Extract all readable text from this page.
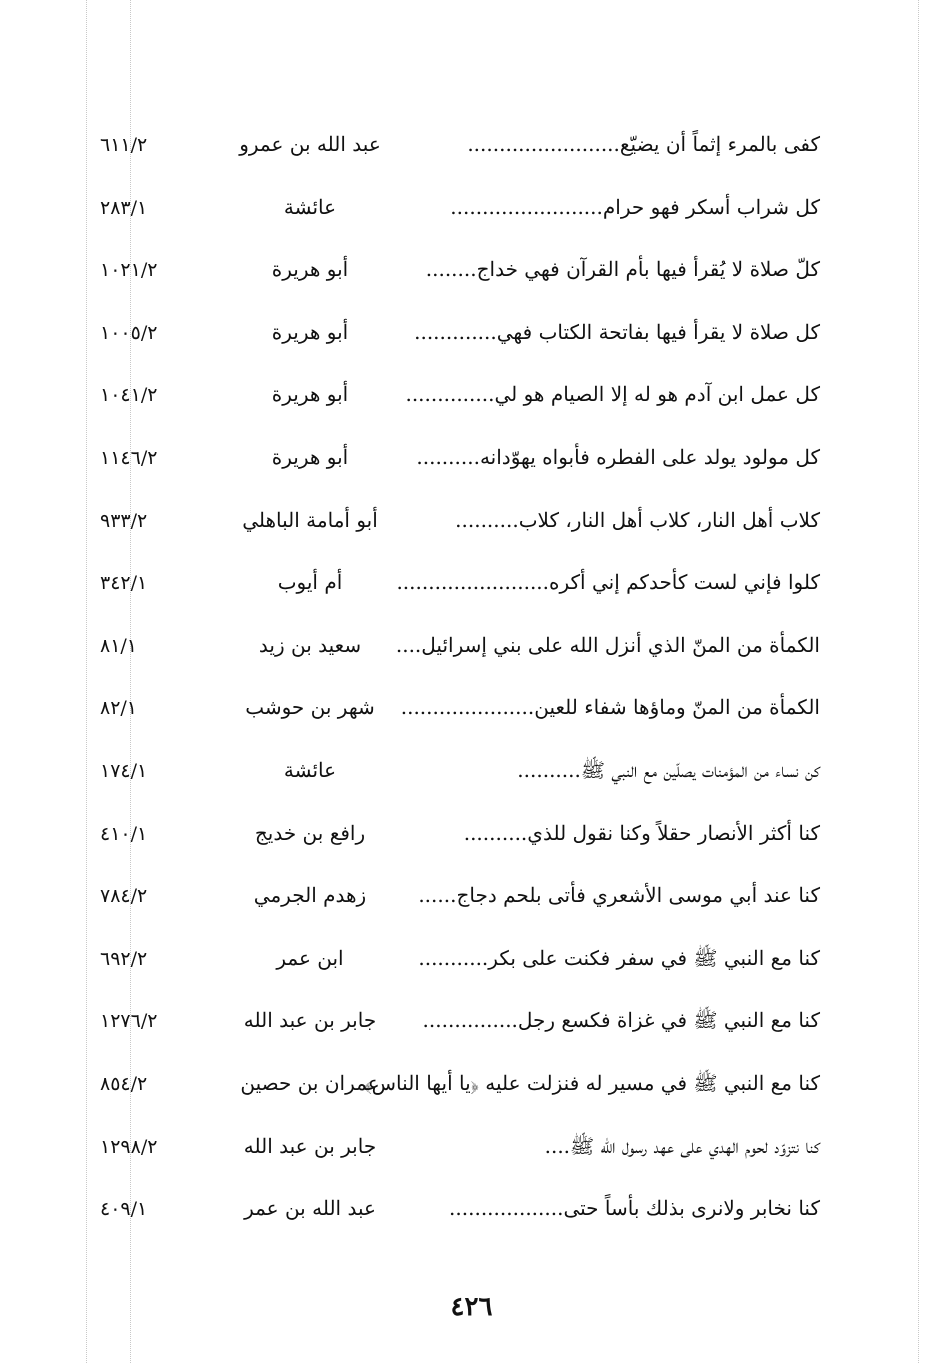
كفى بالمرء إثماً أن يضيّع........................
عبد الله بن عمرو
٦١١/٢
كل شراب أسكر فهو حرام........................
عائشة
٢٨٣/١
كلّ صلاة لا يُقرأ فيها بأم القرآن فهي خداج........
أبو هريرة
١٠٢١/٢
كل صلاة لا يقرأ فيها بفاتحة الكتاب فهي.............
أبو هريرة
١٠٠٥/٢
كل عمل ابن آدم هو له إلا الصيام هو لي..............
أبو هريرة
١٠٤١/٢
كل مولود يولد على الفطره فأبواه يهوّدانه..........
أبو هريرة
١١٤٦/٢
كلاب أهل النار، كلاب أهل النار، كلاب..........
أبو أمامة الباهلي
٩٣٣/٢
كلوا فإني لست كأحدكم إني أكره........................
أم أيوب
٣٤٢/١
الكمأة من المنّ الذي أنزل الله على بني إسرائيل....
سعيد بن زيد
٨١/١
الكمأة من المنّ وماؤها شفاء للعين.....................
شهر بن حوشب
٨٢/١
كن نساء من المؤمنات يصلّين مع النبي ﷺ..........
عائشة
١٧٤/١
كنا أكثر الأنصار حقلاً وكنا نقول للذي..........
رافع بن خديج
٤١٠/١
كنا عند أبي موسى الأشعري فأتى بلحم دجاج......
زهدم الجرمي
٧٨٤/٢
كنا مع النبي ﷺ في سفر فكنت على بكر...........
ابن عمر
٦٩٢/٢
كنا مع النبي ﷺ في غزاة فكسع رجل...............
جابر بن عبد الله
١٢٧٦/٢
كنا مع النبي ﷺ في مسير له فنزلت عليه ﴿يا أيها الناس﴾
عمران بن حصين
٨٥٤/٢
كنا نتزوّد لحوم الهدي على عهد رسول الله ﷺ....
جابر بن عبد الله
١٢٩٨/٢
كنا نخابر ولانرى بذلك بأساً حتى..................
عبد الله بن عمر
٤٠٩/١
٤٢٦
